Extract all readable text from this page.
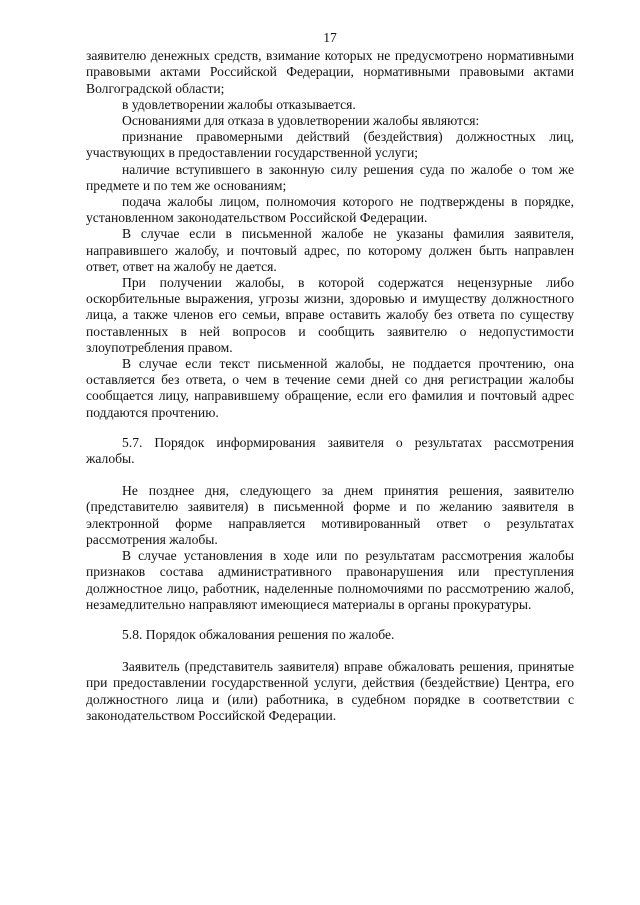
17

заявителю денежных средств, взимание которых не предусмотрено нормативными правовыми актами Российской Федерации, нормативными правовыми актами Волгоградской области;

в удовлетворении жалобы отказывается.

Основаниями для отказа в удовлетворении жалобы являются:

признание правомерными действий (бездействия) должностных лиц, участвующих в предоставлении государственной услуги;

наличие вступившего в законную силу решения суда по жалобе о том же предмете и по тем же основаниям;

подача жалобы лицом, полномочия которого не подтверждены в порядке, установленном законодательством Российской Федерации.

В случае если в письменной жалобе не указаны фамилия заявителя, направившего жалобу, и почтовый адрес, по которому должен быть направлен ответ, ответ на жалобу не дается.

При получении жалобы, в которой содержатся нецензурные либо оскорбительные выражения, угрозы жизни, здоровью и имуществу должностного лица, а также членов его семьи, вправе оставить жалобу без ответа по существу поставленных в ней вопросов и сообщить заявителю о недопустимости злоупотребления правом.

В случае если текст письменной жалобы, не поддается прочтению, она оставляется без ответа, о чем в течение семи дней со дня регистрации жалобы сообщается лицу, направившему обращение, если его фамилия и почтовый адрес поддаются прочтению.

5.7. Порядок информирования заявителя о результатах рассмотрения жалобы.

Не позднее дня, следующего за днем принятия решения, заявителю (представителю заявителя) в письменной форме и по желанию заявителя в электронной форме направляется мотивированный ответ о результатах рассмотрения жалобы.

В случае установления в ходе или по результатам рассмотрения жалобы признаков состава административного правонарушения или преступления должностное лицо, работник, наделенные полномочиями по рассмотрению жалоб, незамедлительно направляют имеющиеся материалы в органы прокуратуры.

5.8. Порядок обжалования решения по жалобе.

Заявитель (представитель заявителя) вправе обжаловать решения, принятые при предоставлении государственной услуги, действия (бездействие) Центра, его должностного лица и (или) работника, в судебном порядке в соответствии с законодательством Российской Федерации.
